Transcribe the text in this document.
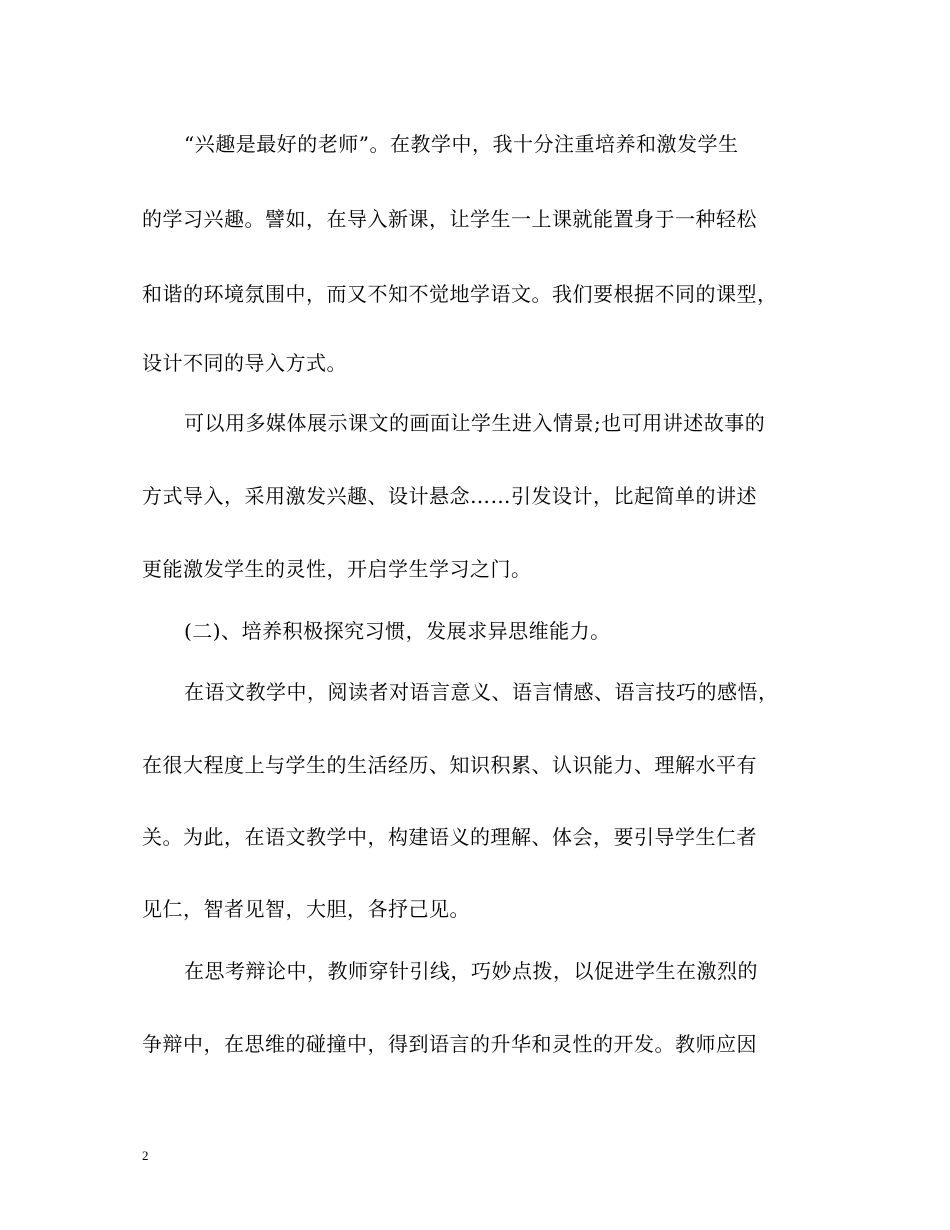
“兴趣是最好的老师”。在教学中，我十分注重培养和激发学生
的学习兴趣。譬如，在导入新课，让学生一上课就能置身于一种轻松
和谐的环境氛围中，而又不知不觉地学语文。我们要根据不同的课型，
设计不同的导入方式。
可以用多媒体展示课文的画面让学生进入情景;也可用讲述故事的
方式导入，采用激发兴趣、设计悬念……引发设计，比起简单的讲述
更能激发学生的灵性，开启学生学习之门。
(二)、培养积极探究习惯，发展求异思维能力。
在语文教学中，阅读者对语言意义、语言情感、语言技巧的感悟，
在很大程度上与学生的生活经历、知识积累、认识能力、理解水平有
关。为此，在语文教学中，构建语义的理解、体会，要引导学生仁者
见仁，智者见智，大胆，各抒己见。
在思考辩论中，教师穿针引线，巧妙点拨，以促进学生在激烈的
争辩中，在思维的碰撞中，得到语言的升华和灵性的开发。教师应因
2
